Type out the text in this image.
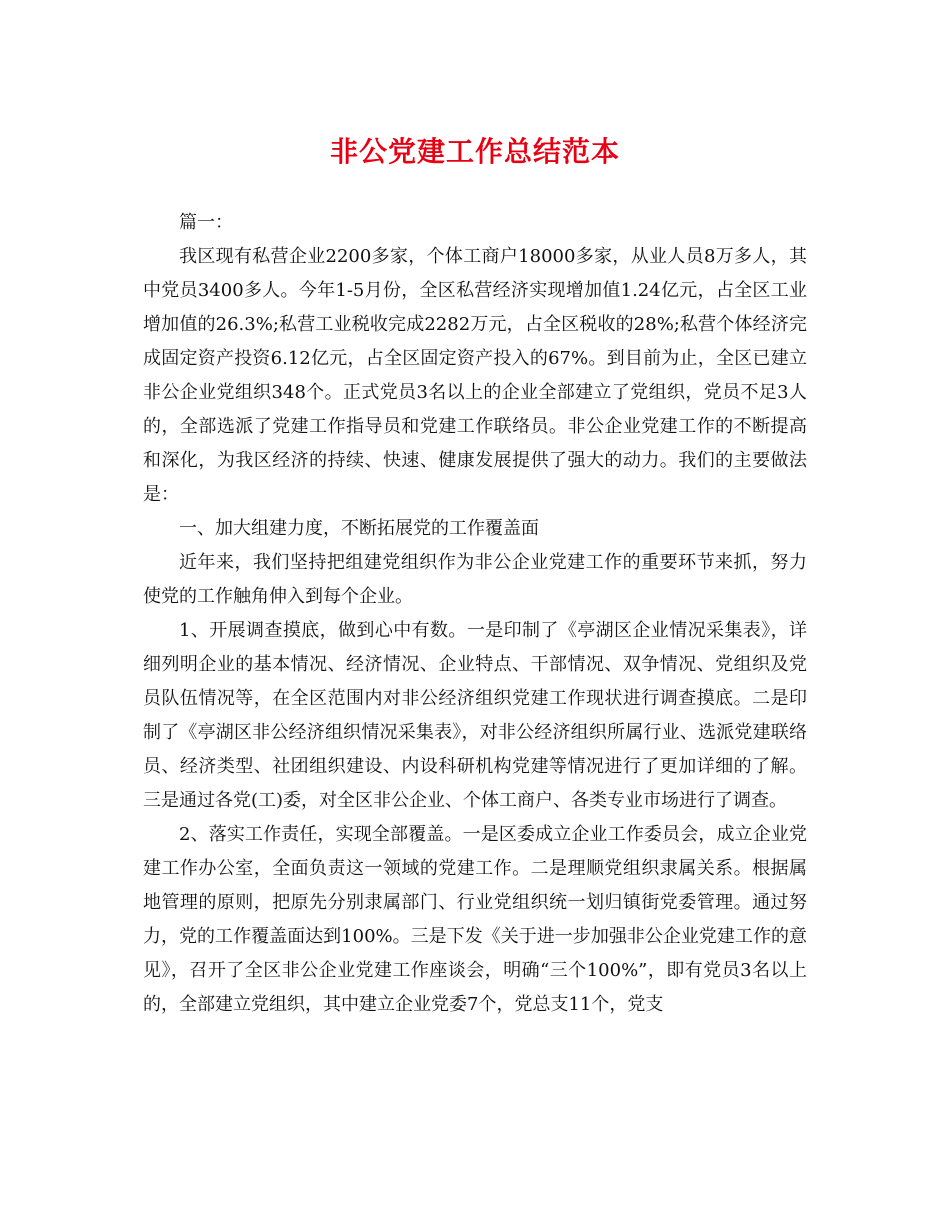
非公党建工作总结范本

篇一：

我区现有私营企业2200多家，个体工商户18000多家，从业人员8万多人，其中党员3400多人。今年1-5月份，全区私营经济实现增加值1.24亿元，占全区工业增加值的26.3%;私营工业税收完成2282万元，占全区税收的28%;私营个体经济完成固定资产投资6.12亿元，占全区固定资产投入的67%。到目前为止，全区已建立非公企业党组织348个。正式党员3名以上的企业全部建立了党组织，党员不足3人的，全部选派了党建工作指导员和党建工作联络员。非公企业党建工作的不断提高和深化，为我区经济的持续、快速、健康发展提供了强大的动力。我们的主要做法是：

一、加大组建力度，不断拓展党的工作覆盖面

近年来，我们坚持把组建党组织作为非公企业党建工作的重要环节来抓，努力使党的工作触角伸入到每个企业。

1、开展调查摸底，做到心中有数。一是印制了《亭湖区企业情况采集表》，详细列明企业的基本情况、经济情况、企业特点、干部情况、双争情况、党组织及党员队伍情况等，在全区范围内对非公经济组织党建工作现状进行调查摸底。二是印制了《亭湖区非公经济组织情况采集表》，对非公经济组织所属行业、选派党建联络员、经济类型、社团组织建设、内设科研机构党建等情况进行了更加详细的了解。三是通过各党(工)委，对全区非公企业、个体工商户、各类专业市场进行了调查。

2、落实工作责任，实现全部覆盖。一是区委成立企业工作委员会，成立企业党建工作办公室，全面负责这一领域的党建工作。二是理顺党组织隶属关系。根据属地管理的原则，把原先分别隶属部门、行业党组织统一划归镇街党委管理。通过努力，党的工作覆盖面达到100%。三是下发《关于进一步加强非公企业党建工作的意见》，召开了全区非公企业党建工作座谈会，明确“三个100%”，即有党员3名以上的，全部建立党组织，其中建立企业党委7个，党总支11个，党支
